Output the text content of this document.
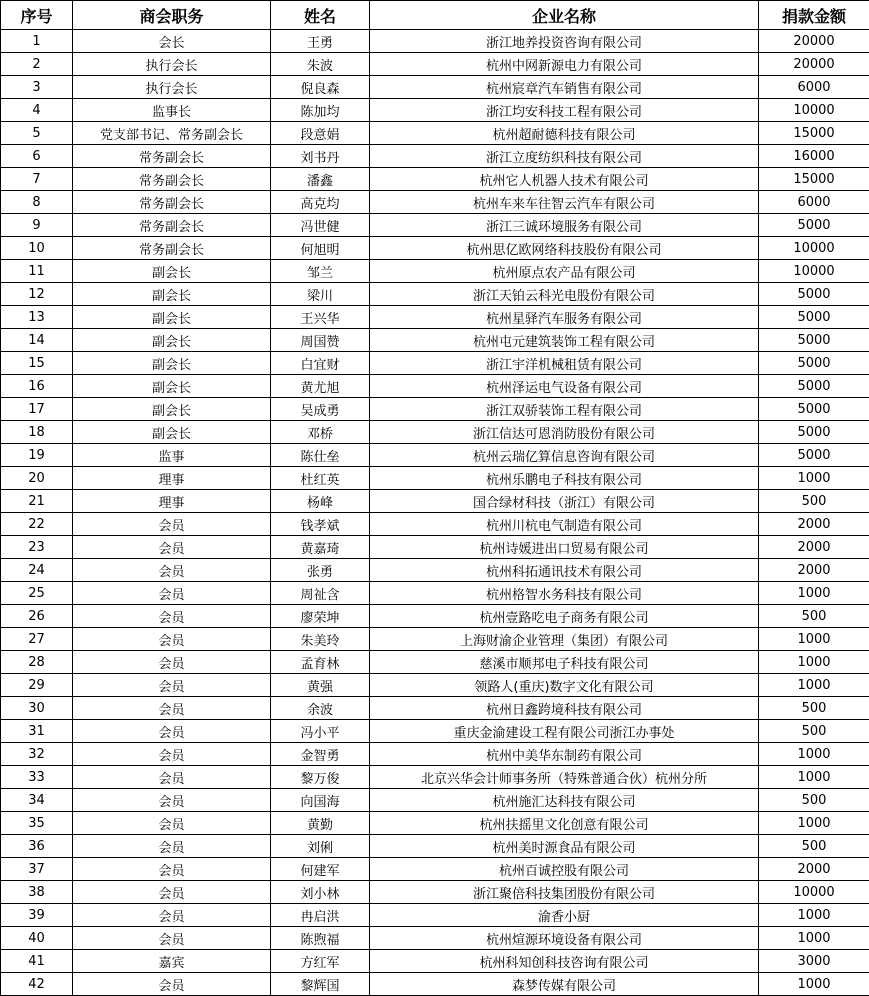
序号	商会职务	姓名	企业名称	捐款金额
1	会长	王勇	浙江地养投资咨询有限公司	20000
2	执行会长	朱波	杭州中网新源电力有限公司	20000
3	执行会长	倪良森	杭州宸章汽车销售有限公司	6000
4	监事长	陈加均	浙江均安科技工程有限公司	10000
5	党支部书记、常务副会长	段意娟	杭州超耐德科技有限公司	15000
6	常务副会长	刘书丹	浙江立度纺织科技有限公司	16000
7	常务副会长	潘鑫	杭州它人机器人技术有限公司	15000
8	常务副会长	高克均	杭州车来车往智云汽车有限公司	6000
9	常务副会长	冯世健	浙江三诚环境服务有限公司	5000
10	常务副会长	何旭明	杭州思亿欧网络科技股份有限公司	10000
11	副会长	邹兰	杭州原点农产品有限公司	10000
12	副会长	梁川	浙江天铂云科光电股份有限公司	5000
13	副会长	王兴华	杭州星驿汽车服务有限公司	5000
14	副会长	周国赞	杭州屯元建筑装饰工程有限公司	5000
15	副会长	白宜财	浙江宇洋机械租赁有限公司	5000
16	副会长	黄尤旭	杭州泽运电气设备有限公司	5000
17	副会长	吴成勇	浙江双骄装饰工程有限公司	5000
18	副会长	邓桥	浙江信达可恩消防股份有限公司	5000
19	监事	陈仕垒	杭州云瑞亿算信息咨询有限公司	5000
20	理事	杜红英	杭州乐鹏电子科技有限公司	1000
21	理事	杨峰	国合绿材科技（浙江）有限公司	500
22	会员	钱孝斌	杭州川杭电气制造有限公司	2000
23	会员	黄嘉琦	杭州诗媛进出口贸易有限公司	2000
24	会员	张勇	杭州科拓通讯技术有限公司	2000
25	会员	周祉含	杭州格智水务科技有限公司	1000
26	会员	廖荣坤	杭州壹路吃电子商务有限公司	500
27	会员	朱美玲	上海财渝企业管理（集团）有限公司	1000
28	会员	孟育林	慈溪市顺邦电子科技有限公司	1000
29	会员	黄强	领路人(重庆)数字文化有限公司	1000
30	会员	余波	杭州日鑫跨境科技有限公司	500
31	会员	冯小平	重庆金渝建设工程有限公司浙江办事处	500
32	会员	金智勇	杭州中美华东制药有限公司	1000
33	会员	黎万俊	北京兴华会计师事务所（特殊普通合伙）杭州分所	1000
34	会员	向国海	杭州施汇达科技有限公司	500
35	会员	黄勤	杭州扶摇里文化创意有限公司	1000
36	会员	刘俐	杭州美时源食品有限公司	500
37	会员	何建军	杭州百诚控股有限公司	2000
38	会员	刘小林	浙江聚倍科技集团股份有限公司	10000
39	会员	冉启洪	渝香小厨	1000
40	会员	陈煦福	杭州煊源环境设备有限公司	1000
41	嘉宾	方红军	杭州科知创科技咨询有限公司	3000
42	会员	黎辉国	森梦传媒有限公司	1000
